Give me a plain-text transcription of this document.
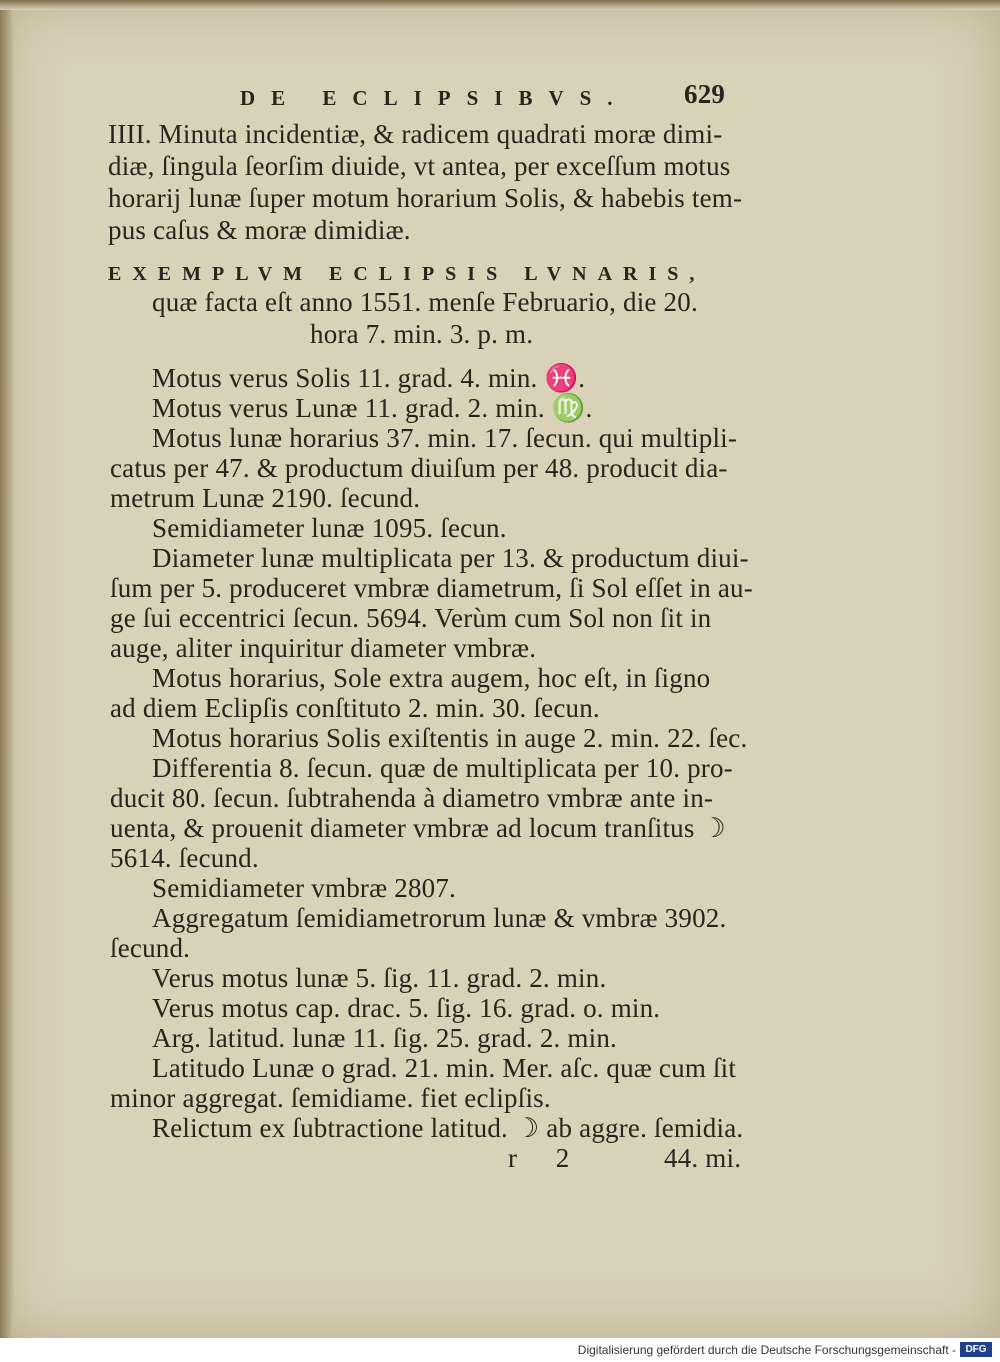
DE ECLIPSIBVS. 629
IIII. Minuta incidentiæ, & radicem quadrati moræ dimi-
diæ, ſingula ſeorſim diuide, vt antea, per exceſſum motus
horarij lunæ ſuper motum horarium Solis, & habebis tem-
pus caſus & moræ dimidiæ.
EXEMPLVM ECLIPSIS LVNARIS,
quæ facta eſt anno 1551. menſe Februario, die 20.
hora 7. min. 3. p. m.
Motus verus Solis 11. grad. 4. min. ♓.
Motus verus Lunæ 11. grad. 2. min. ♍.
Motus lunæ horarius 37. min. 17. ſecun. qui multipli-
catus per 47. & productum diuiſum per 48. producit dia-
metrum Lunæ 2190. ſecund.
Semidiameter lunæ 1095. ſecun.
Diameter lunæ multiplicata per 13. & productum diui-
ſum per 5. produceret vmbræ diametrum, ſi Sol eſſet in au-
ge ſui eccentrici ſecun. 5694. Verùm cum Sol non ſit in
auge, aliter inquiritur diameter vmbræ.
Motus horarius, Sole extra augem, hoc eſt, in ſigno
ad diem Eclipſis conſtituto 2. min. 30. ſecun.
Motus horarius Solis exiſtentis in auge 2. min. 22. ſec.
Differentia 8. ſecun. quæ de multiplicata per 10. pro-
ducit 80. ſecun. ſubtrahenda à diametro vmbræ ante in-
uenta, & prouenit diameter vmbræ ad locum tranſitus ☽
5614. ſecund.
Semidiameter vmbræ 2807.
Aggregatum ſemidiametrorum lunæ & vmbræ 3902.
ſecund.
Verus motus lunæ 5. ſig. 11. grad. 2. min.
Verus motus cap. drac. 5. ſig. 16. grad. o. min.
Arg. latitud. lunæ 11. ſig. 25. grad. 2. min.
Latitudo Lunæ o grad. 21. min. Mer. aſc. quæ cum ſit
minor aggregat. ſemidiame. fiet eclipſis.
Relictum ex ſubtractione latitud. ☽ ab aggre. ſemidia.
r 2	44. mi.
Digitalisierung gefördert durch die Deutsche Forschungsgemeinschaft - DFG
